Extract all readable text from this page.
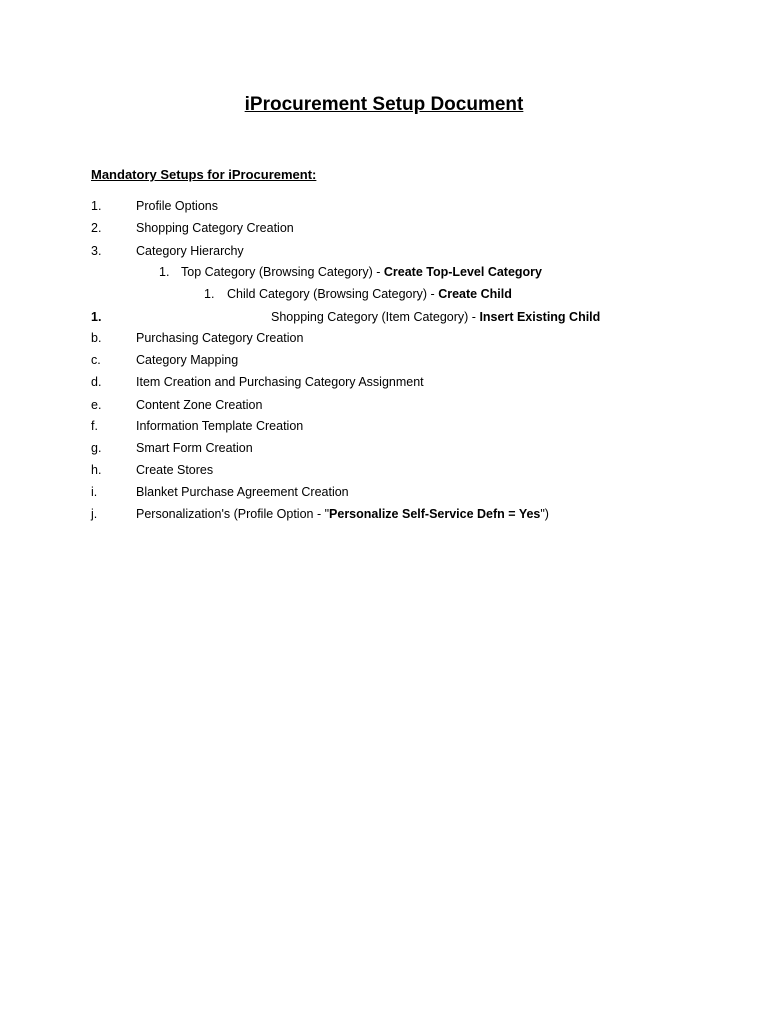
iProcurement Setup Document
Mandatory Setups for iProcurement:
1.	Profile Options
2.	Shopping Category Creation
3.	Category Hierarchy
1. Top Category (Browsing Category) - Create Top-Level Category
1. Child Category (Browsing Category) - Create Child
1.	Shopping Category (Item Category) - Insert Existing Child
b.	Purchasing Category Creation
c.	Category Mapping
d.	Item Creation and Purchasing Category Assignment
e.	Content Zone Creation
f.	Information Template Creation
g.	Smart Form Creation
h.	Create Stores
i.	Blanket Purchase Agreement Creation
j.	Personalization's (Profile Option - "Personalize Self-Service Defn = Yes")
